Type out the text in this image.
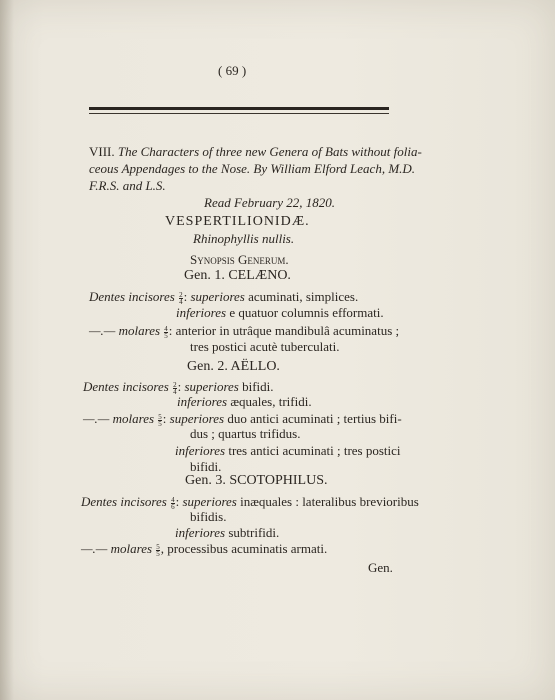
( 69 )
VIII. The Characters of three new Genera of Bats without folia-
ceous Appendages to the Nose. By William Elford Leach, M.D.
F.R.S. and L.S.
Read February 22, 1820.
VESPERTILIONIDÆ.
Rhinophyllis nullis.
Synopsis Generum.
Gen. 1. CELÆNO.
Dentes incisores $\frac{2}{4}$ : superiores acuminati, simplices.
inferiores e quatuor columnis efformati.
—.— molares $\frac{4}{5}$ : anterior in utrâque mandibulâ acuminatus ;
tres postici acutè tuberculati.
Gen. 2. AËLLO.
Dentes incisores $\frac{2}{4}$ : superiores bifidi.
inferiores æquales, trifidi.
—.— molares $\frac{5}{5}$ : superiores duo antici acuminati ; tertius bifi-
dus ; quartus trifidus.
inferiores tres antici acuminati ; tres postici
bifidi.
Gen. 3. SCOTOPHILUS.
Dentes incisores $\frac{4}{6}$ : superiores inæquales : lateralibus brevioribus
bifidis.
inferiores subtrifidi.
—.— molares $\frac{5}{5}$ , processibus acuminatis armati.
Gen.
